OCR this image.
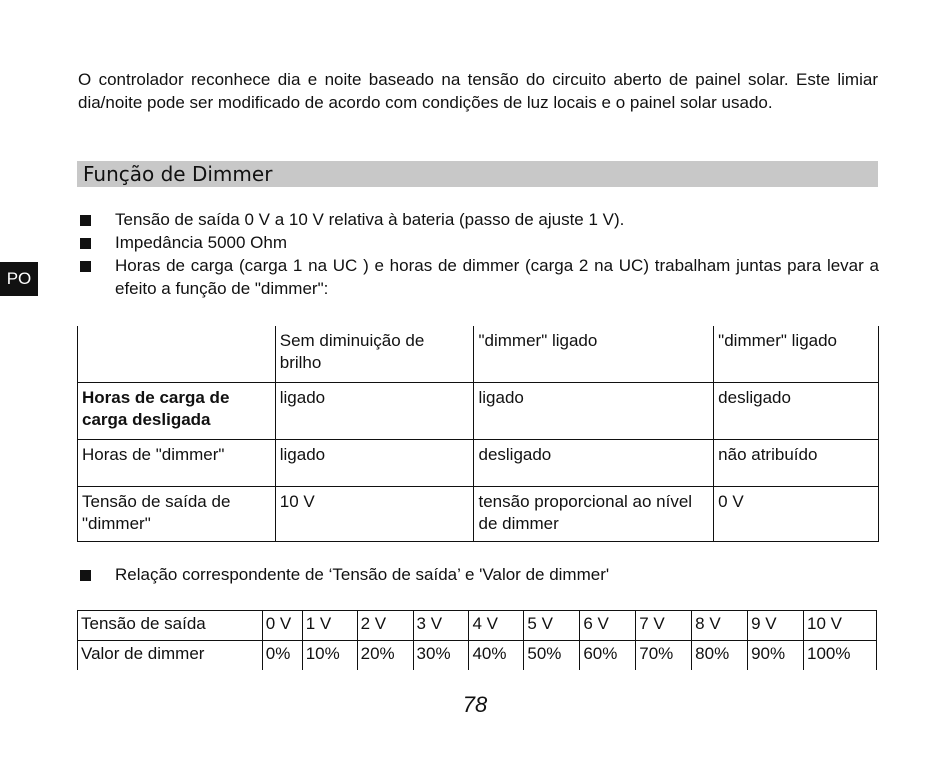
O controlador reconhece dia e noite baseado na tensão do circuito aberto de painel solar. Este limiar dia/noite pode ser modificado de acordo com condições de luz locais e o painel solar usado.

Função de Dimmer
PO

Tensão de saída 0 V a 10 V relativa à bateria (passo de ajuste 1 V).

Impedância 5000 Ohm

Horas de carga (carga 1 na UC ) e horas de dimmer (carga 2 na UC) trabalham juntas para levar a efeito a função de "dimmer":

	Sem diminuição de brilho	"dimmer" ligado	"dimmer" ligado
Horas de carga de carga desligada	ligado	ligado	desligado
Horas de "dimmer"	ligado	desligado	não atribuído
Tensão de saída de "dimmer"	10 V	tensão proporcional ao nível de dimmer	0 V

Relação correspondente de ‘Tensão de saída’ e 'Valor de dimmer'

Tensão de saída	0 V	1 V	2 V	3 V	4 V	5 V	6 V	7 V	8 V	9 V	10 V
Valor de dimmer	0%	10%	20%	30%	40%	50%	60%	70%	80%	90%	100%
78
